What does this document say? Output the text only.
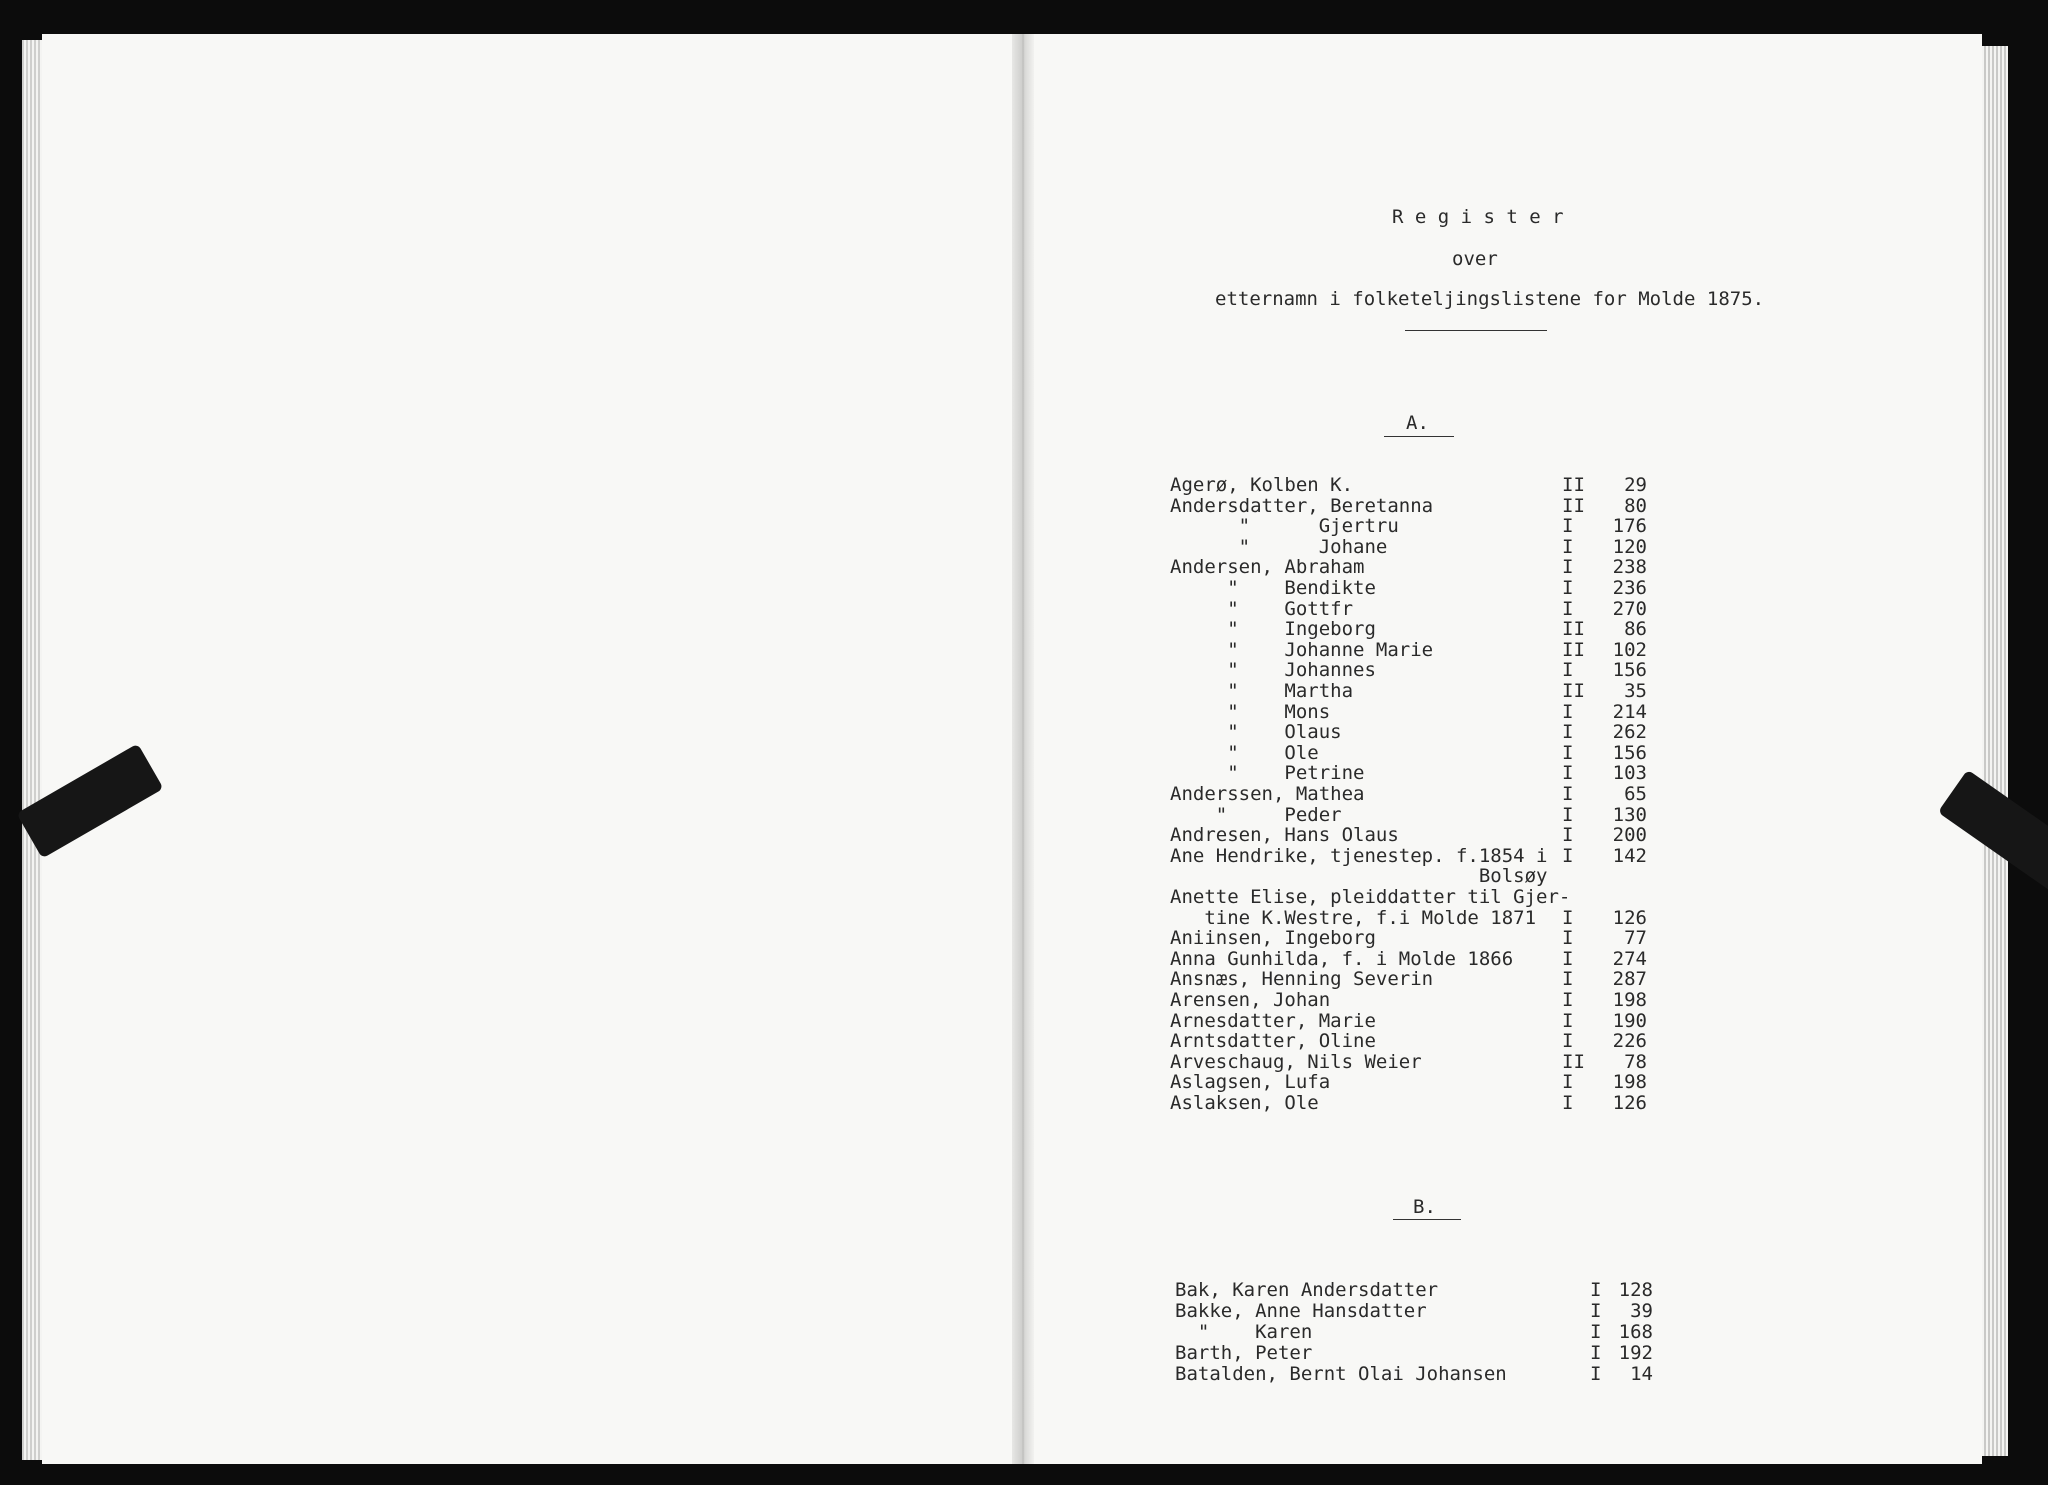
R e g i s t e r
over
etternamn i folketeljingslistene for Molde 1875.
A.
Agerø, Kolben K.	II 29
Andersdatter, Beretanna	II 80
"      Gjertru	I 176
"      Johane	I 120
Andersen, Abraham	I 238
"    Bendikte	I 236
"    Gottfr	I 270
"    Ingeborg	II 86
"    Johanne Marie	II 102
"    Johannes	I 156
"    Martha	II 35
"    Mons	I 214
"    Olaus	I 262
"    Ole	I 156
"    Petrine	I 103
Anderssen, Mathea	I	65
"     Peder	I 130
Andresen, Hans Olaus	I 200
Ane Hendrike, tjenestep. f.1854 i I 142
Bolsøy
Anette Elise, pleiddatter til Gjer-
tine K.Westre, f.i Molde 1871 I 126
Aniinsen, Ingeborg	I	77
Anna Gunhilda, f. i Molde 1866	I 274
Ansnæs, Henning Severin	I 287
Arensen, Johan	I 198
Arnesdatter, Marie	I 190
Arntsdatter, Oline	I 226
Arveschaug, Nils Weier	II 78
Aslagsen, Lufa	I 198
Aslaksen, Ole	I 126
B.
Bak, Karen Andersdatter	I 128
Bakke, Anne Hansdatter	I 39
"    Karen	I 168
Barth, Peter	I 192
Batalden, Bernt Olai Johansen	I 14
